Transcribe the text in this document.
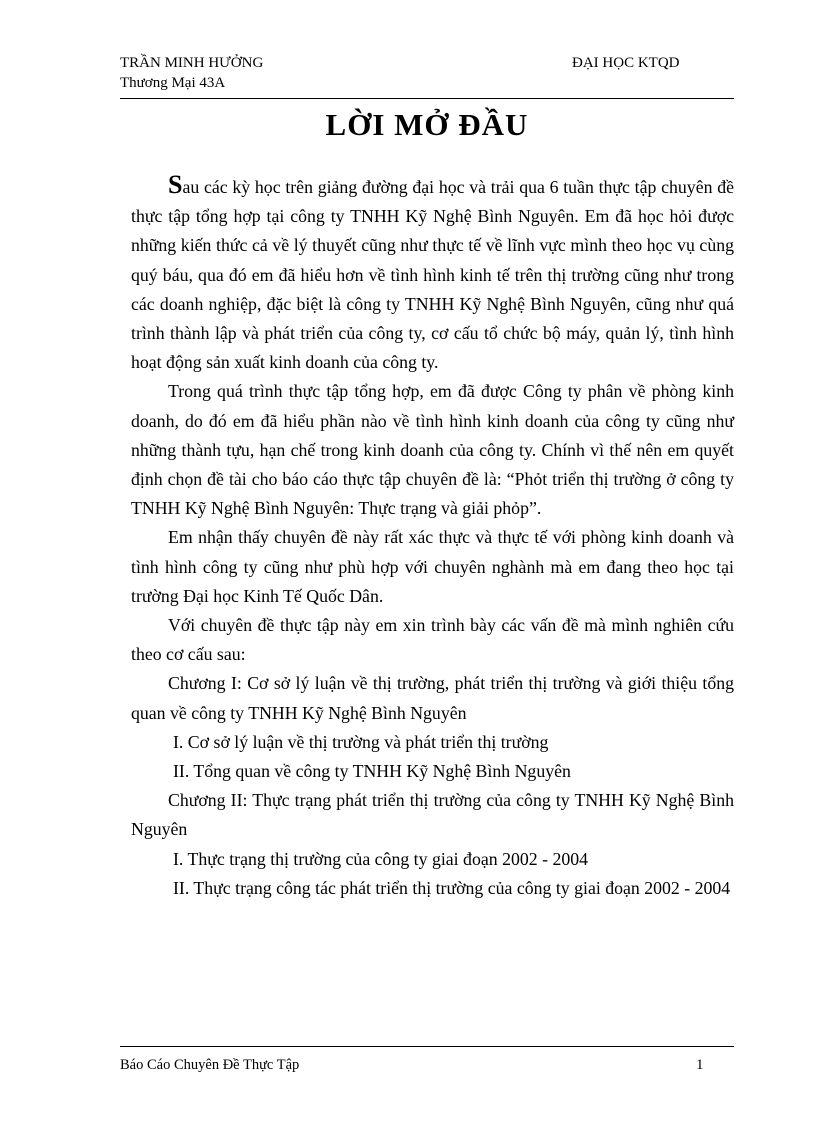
TRẦN MINH HƯỞNG
Thương Mại 43A
ĐẠI HỌC KTQD
LỜI MỞ ĐẦU

Sau các kỳ học trên giảng đường đại học và trải qua 6 tuần thực tập chuyên đề thực tập tổng hợp tại công ty TNHH Kỹ Nghệ Bình Nguyên. Em đã học hỏi được những kiến thức cả về lý thuyết cũng như thực tế về lĩnh vực mình theo học vụ cùng quý báu, qua đó em đã hiểu hơn về tình hình kinh tế trên thị trường cũng như trong các doanh nghiệp, đặc biệt là công ty TNHH Kỹ Nghệ Bình Nguyên, cũng như quá trình thành lập và phát triển của công ty, cơ cấu tổ chức bộ máy, quản lý, tình hình hoạt động sản xuất kinh doanh của công ty.

Trong quá trình thực tập tổng hợp, em đã được Công ty phân về phòng kinh doanh, do đó em đã hiểu phần nào về tình hình kinh doanh của công ty cũng như những thành tựu, hạn chế trong kinh doanh của công ty. Chính vì thế nên em quyết định chọn đề tài cho báo cáo thực tập chuyên đề là: “Phỏt triển thị trường ở công ty TNHH Kỹ Nghệ Bình Nguyên: Thực trạng và giải phỏp”.

Em nhận thấy chuyên đề này rất xác thực và thực tế với phòng kinh doanh và tình hình công ty cũng như phù hợp với chuyên nghành mà em đang theo học tại trường Đại học Kinh Tế Quốc Dân.

Với chuyên đề thực tập này em xin trình bày các vấn đề mà mình nghiên cứu theo cơ cấu sau:

Chương I: Cơ sở lý luận về thị trường, phát triển thị trường và giới thiệu tổng quan về công ty TNHH Kỹ Nghệ Bình Nguyên

I. Cơ sở lý luận về thị trường và phát triển thị trường

II. Tổng quan về công ty TNHH Kỹ Nghệ Bình Nguyên

Chương II: Thực trạng phát triển thị trường của công ty TNHH Kỹ Nghệ Bình Nguyên

I. Thực trạng thị trường của công ty giai đoạn 2002 - 2004

II. Thực trạng công tác phát triển thị trường của công ty giai đoạn 2002 - 2004

Báo Cáo Chuyên Đề Thực Tập	1
